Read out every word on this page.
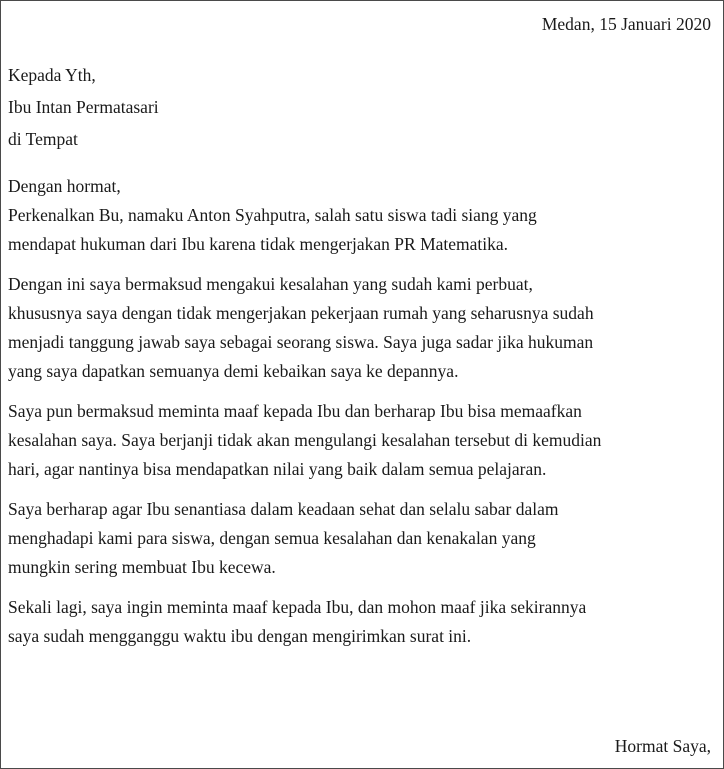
Medan, 15 Januari 2020
Kepada Yth,
Ibu Intan Permatasari
di Tempat

Dengan hormat,
Perkenalkan Bu, namaku Anton Syahputra, salah satu siswa tadi siang yang
mendapat hukuman dari Ibu karena tidak mengerjakan PR Matematika.

Dengan ini saya bermaksud mengakui kesalahan yang sudah kami perbuat,
khususnya saya dengan tidak mengerjakan pekerjaan rumah yang seharusnya sudah
menjadi tanggung jawab saya sebagai seorang siswa. Saya juga sadar jika hukuman
yang saya dapatkan semuanya demi kebaikan saya ke depannya.

Saya pun bermaksud meminta maaf kepada Ibu dan berharap Ibu bisa memaafkan
kesalahan saya. Saya berjanji tidak akan mengulangi kesalahan tersebut di kemudian
hari, agar nantinya bisa mendapatkan nilai yang baik dalam semua pelajaran.

Saya berharap agar Ibu senantiasa dalam keadaan sehat dan selalu sabar dalam
menghadapi kami para siswa, dengan semua kesalahan dan kenakalan yang
mungkin sering membuat Ibu kecewa.

Sekali lagi, saya ingin meminta maaf kepada Ibu, dan mohon maaf jika sekirannya
saya sudah mengganggu waktu ibu dengan mengirimkan surat ini.

Hormat Saya,
